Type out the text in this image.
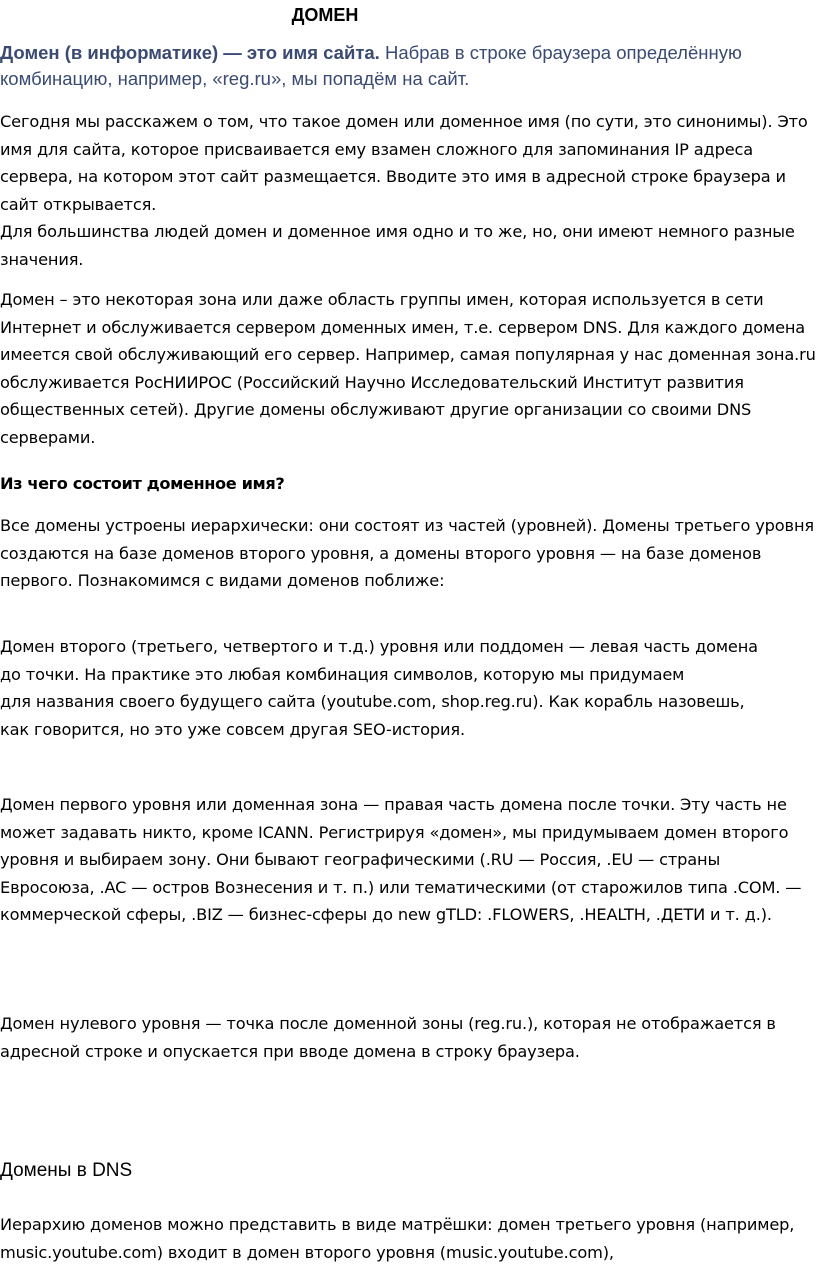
ДОМЕН
Домен (в информатике) — это имя сайта. Набрав в строке браузера определённую комбинацию, например, «reg.ru», мы попадём на сайт.

Сегодня мы расскажем о том, что такое домен или доменное имя (по сути, это синонимы). Это имя для сайта, которое присваивается ему взамен сложного для запоминания IP адреса сервера, на котором этот сайт размещается. Вводите это имя в адресной строке браузера и сайт открывается.

Для большинства людей домен и доменное имя одно и то же, но, они имеют немного разные значения.

Домен – это некоторая зона или даже область группы имен, которая используется в сети Интернет и обслуживается сервером доменных имен, т.е. сервером DNS. Для каждого домена имеется свой обслуживающий его сервер. Например, самая популярная у нас доменная зона.ru обслуживается РосНИИРОС (Российский Научно Исследовательский Институт развития общественных сетей). Другие домены обслуживают другие организации со своими DNS серверами.
Из чего состоит доменное имя?
Все домены устроены иерархически: они состоят из частей (уровней). Домены третьего уровня создаются на базе доменов второго уровня, а домены второго уровня — на базе доменов первого. Познакомимся с видами доменов поближе:

Домен второго (третьего, четвертого и т.д.) уровня или поддомен — левая часть домена

до точки. На практике это любая комбинация символов, которую мы придумаем

для названия своего будущего сайта (youtube.com, shop.reg.ru). Как корабль назовешь,

как говорится, но это уже совсем другая SEO-история.

Домен первого уровня или доменная зона — правая часть домена после точки. Эту часть не может задавать никто, кроме ICANN. Регистрируя «домен», мы придумываем домен второго уровня и выбираем зону. Они бывают географическими (.RU — Россия, .EU — страны Евросоюза, .AC — остров Вознесения и т. п.) или тематическими (от старожилов типа .COM. — коммерческой сферы, .BIZ — бизнес-сферы до new gTLD: .FLOWERS, .HEALTH, .ДЕТИ и т. д.).
Домен нулевого уровня — точка после доменной зоны (reg.ru.), которая не отображается в адресной строке и опускается при вводе домена в строку браузера.
Домены в DNS
Иерархию доменов можно представить в виде матрёшки: домен третьего уровня (например, music.youtube.com) входит в домен второго уровня (music.youtube.com),
